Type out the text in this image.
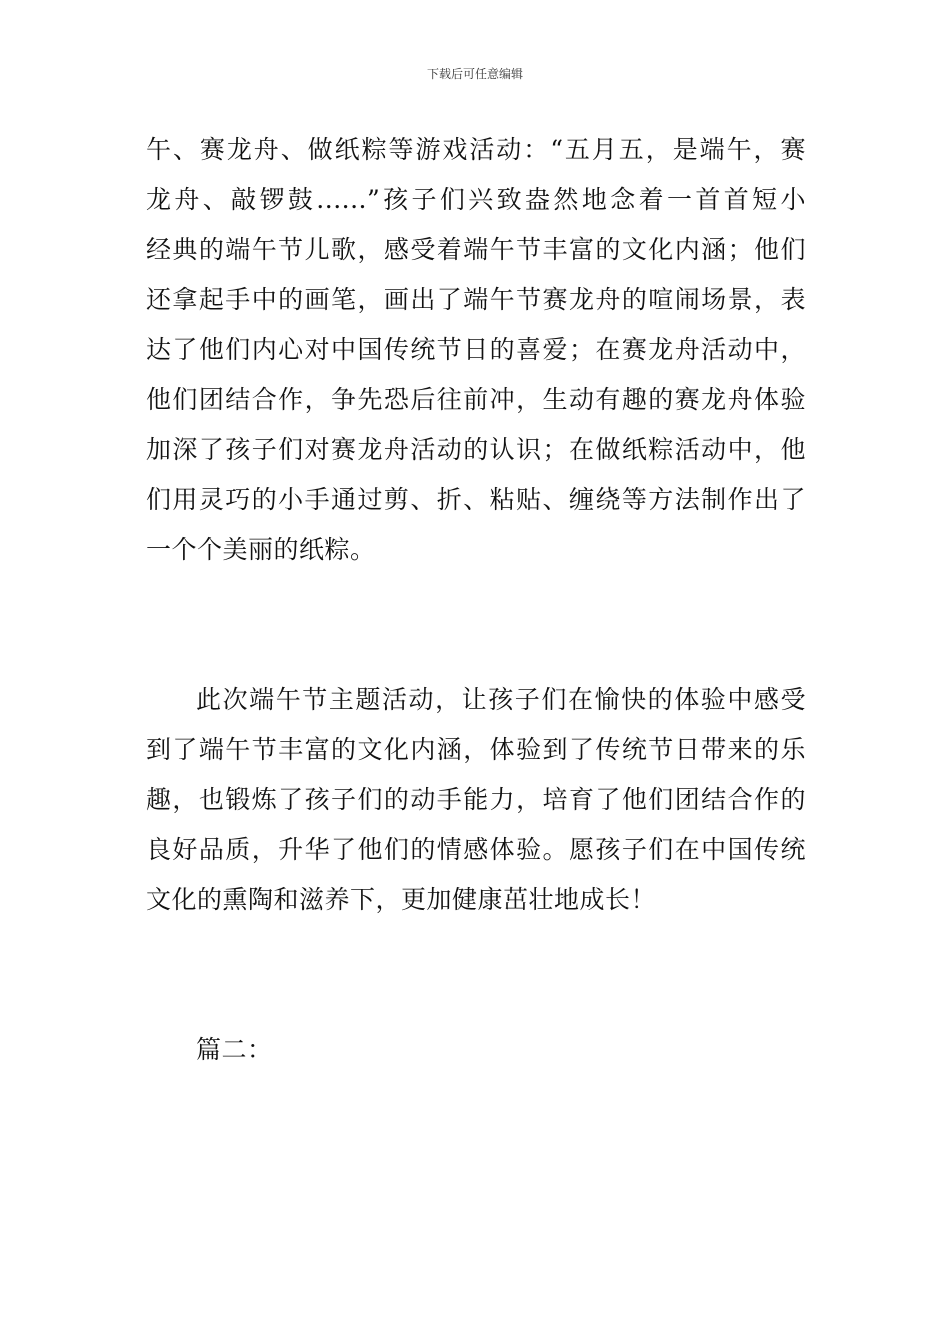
下载后可任意编辑
午、赛龙舟、做纸粽等游戏活动：“五月五，是端午，赛
龙舟、敲锣鼓......”孩子们兴致盎然地念着一首首短小
经典的端午节儿歌，感受着端午节丰富的文化内涵；他们
还拿起手中的画笔，画出了端午节赛龙舟的喧闹场景，表
达了他们内心对中国传统节日的喜爱；在赛龙舟活动中，
他们团结合作，争先恐后往前冲，生动有趣的赛龙舟体验
加深了孩子们对赛龙舟活动的认识；在做纸粽活动中，他
们用灵巧的小手通过剪、折、粘贴、缠绕等方法制作出了
一个个美丽的纸粽。
此次端午节主题活动，让孩子们在愉快的体验中感受
到了端午节丰富的文化内涵，体验到了传统节日带来的乐
趣，也锻炼了孩子们的动手能力，培育了他们团结合作的
良好品质，升华了他们的情感体验。愿孩子们在中国传统
文化的熏陶和滋养下，更加健康茁壮地成长！
篇二：
